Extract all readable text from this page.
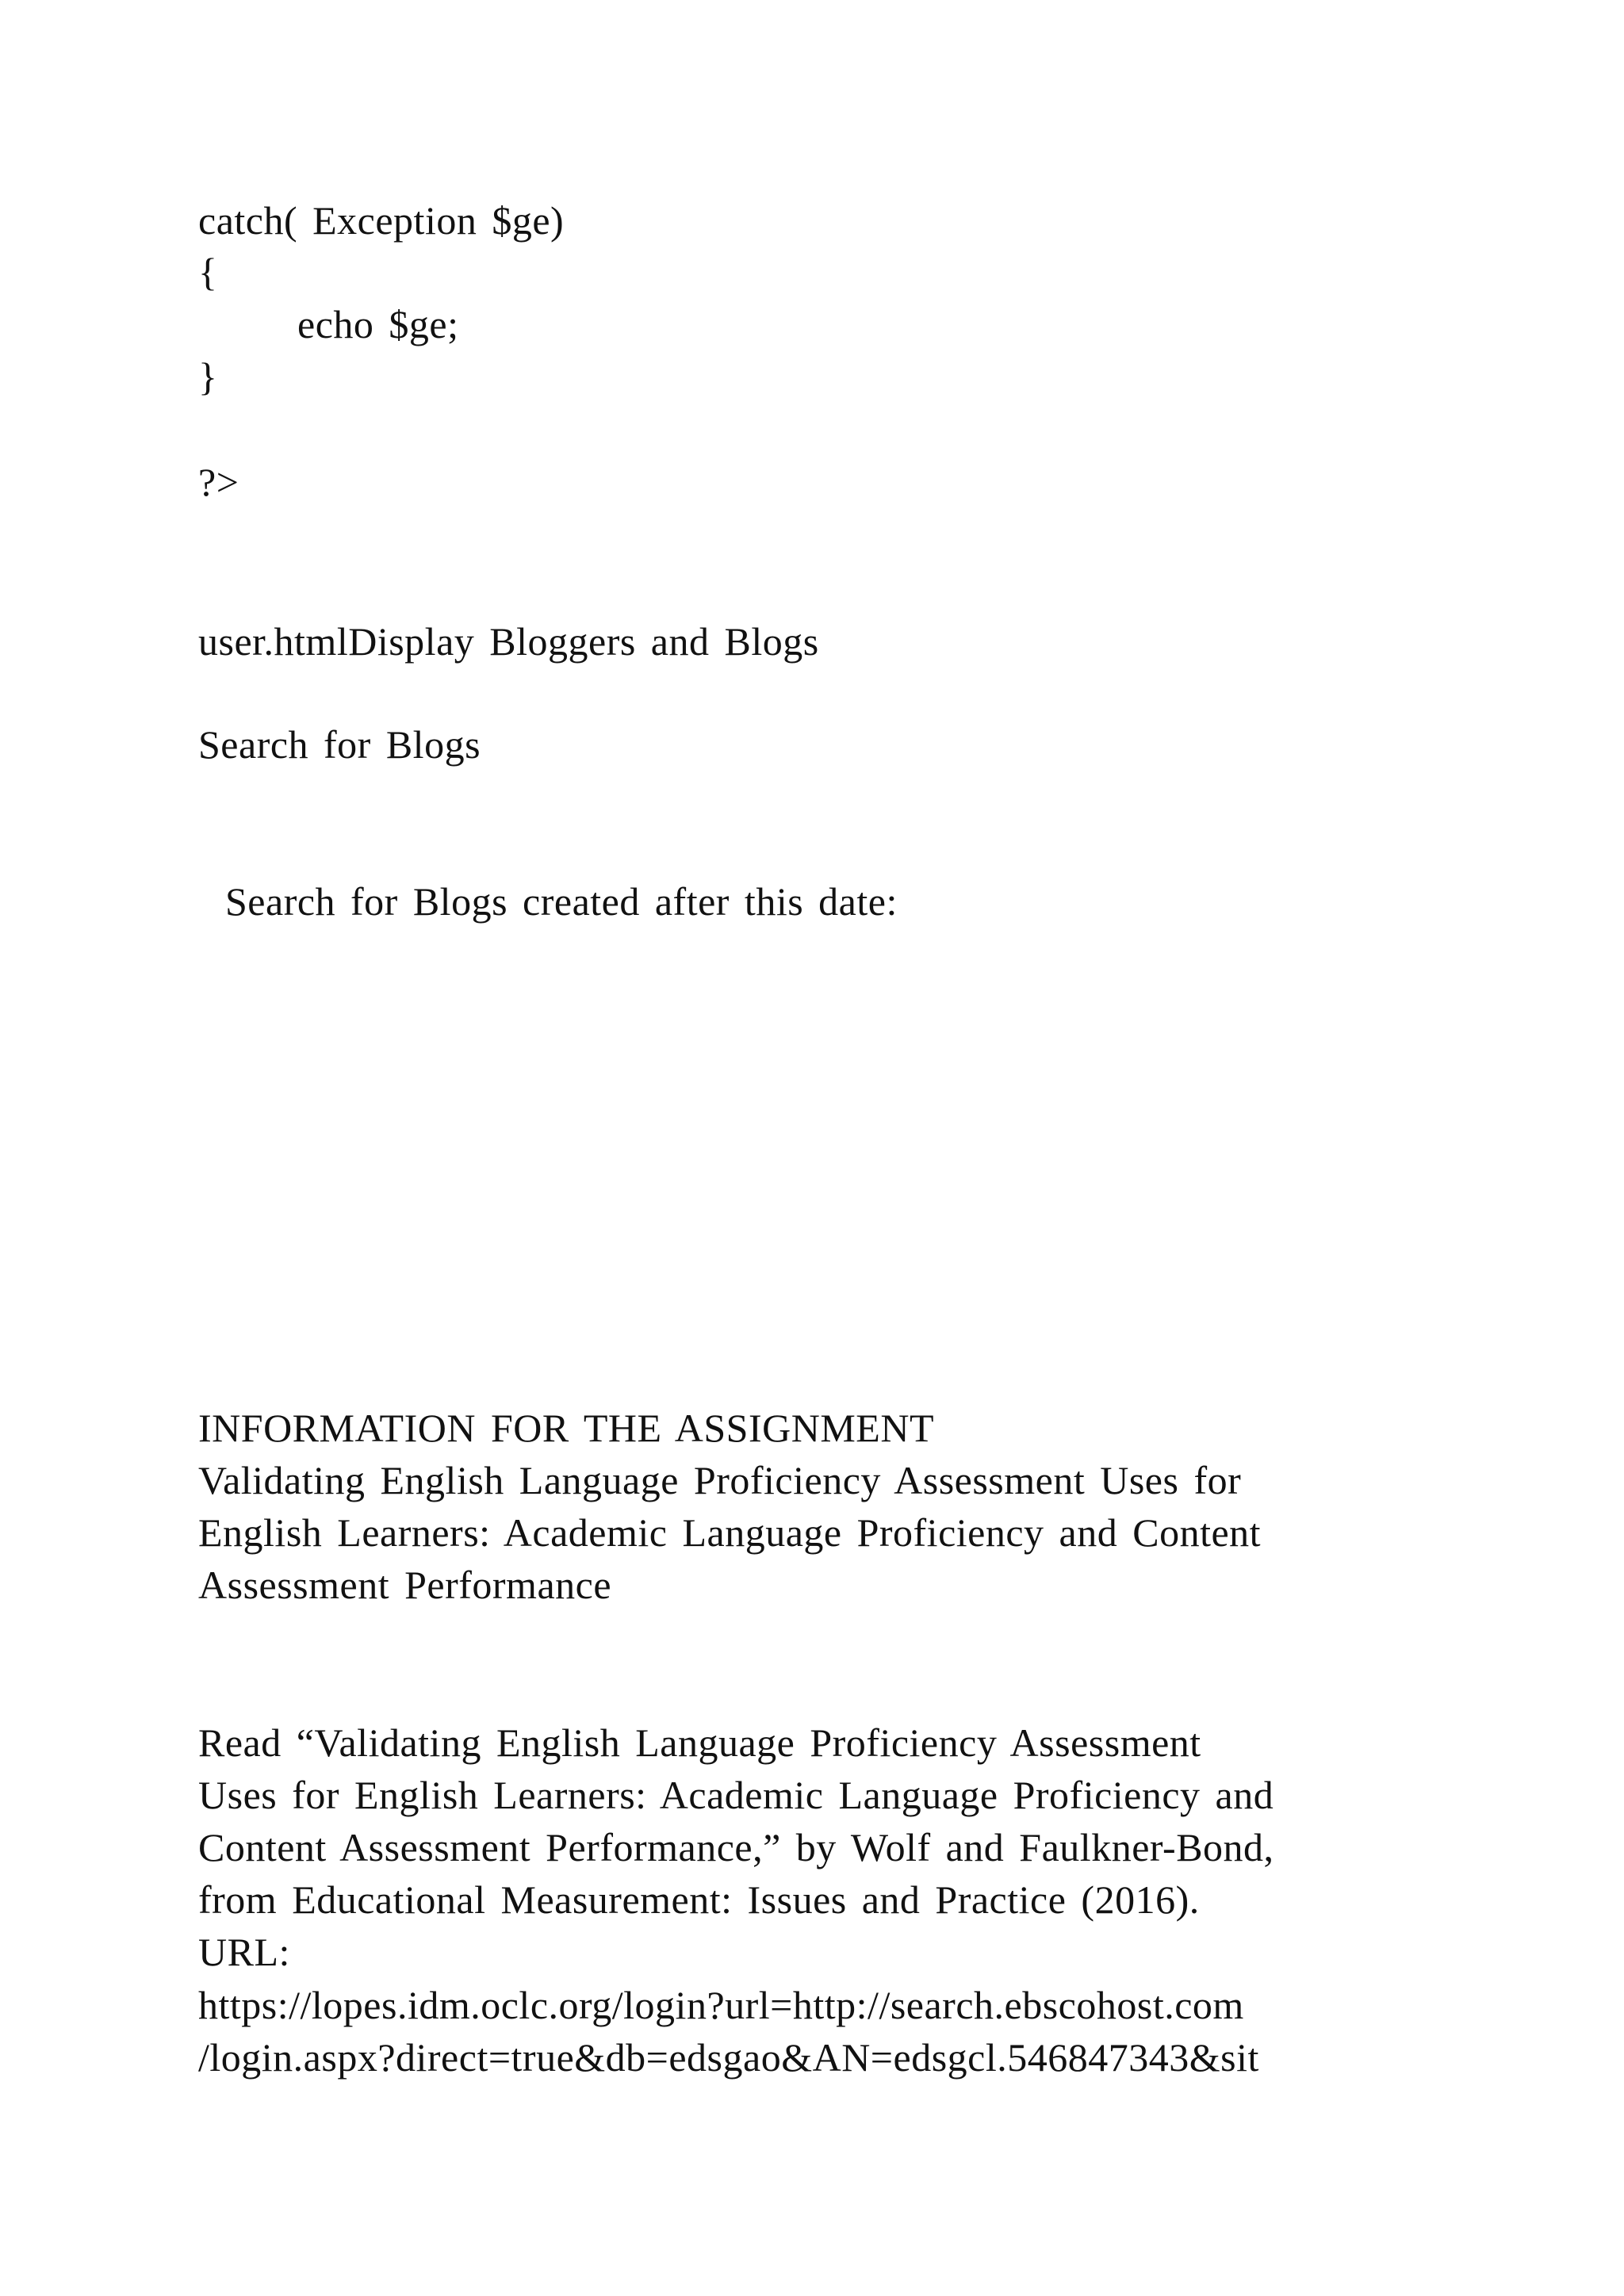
catch( Exception $ge)
{
echo $ge;
}
?>
user.htmlDisplay Bloggers and Blogs
Search for Blogs
Search for Blogs created after this date:
INFORMATION FOR THE ASSIGNMENT
Validating English Language Proficiency Assessment Uses for
English Learners: Academic Language Proficiency and Content
Assessment Performance
Read “Validating English Language Proficiency Assessment
Uses for English Learners: Academic Language Proficiency and
Content Assessment Performance,” by Wolf and Faulkner-Bond,
from Educational Measurement: Issues and Practice (2016).
URL:
https://lopes.idm.oclc.org/login?url=http://search.ebscohost.com
/login.aspx?direct=true&db=edsgao&AN=edsgcl.546847343&sit
